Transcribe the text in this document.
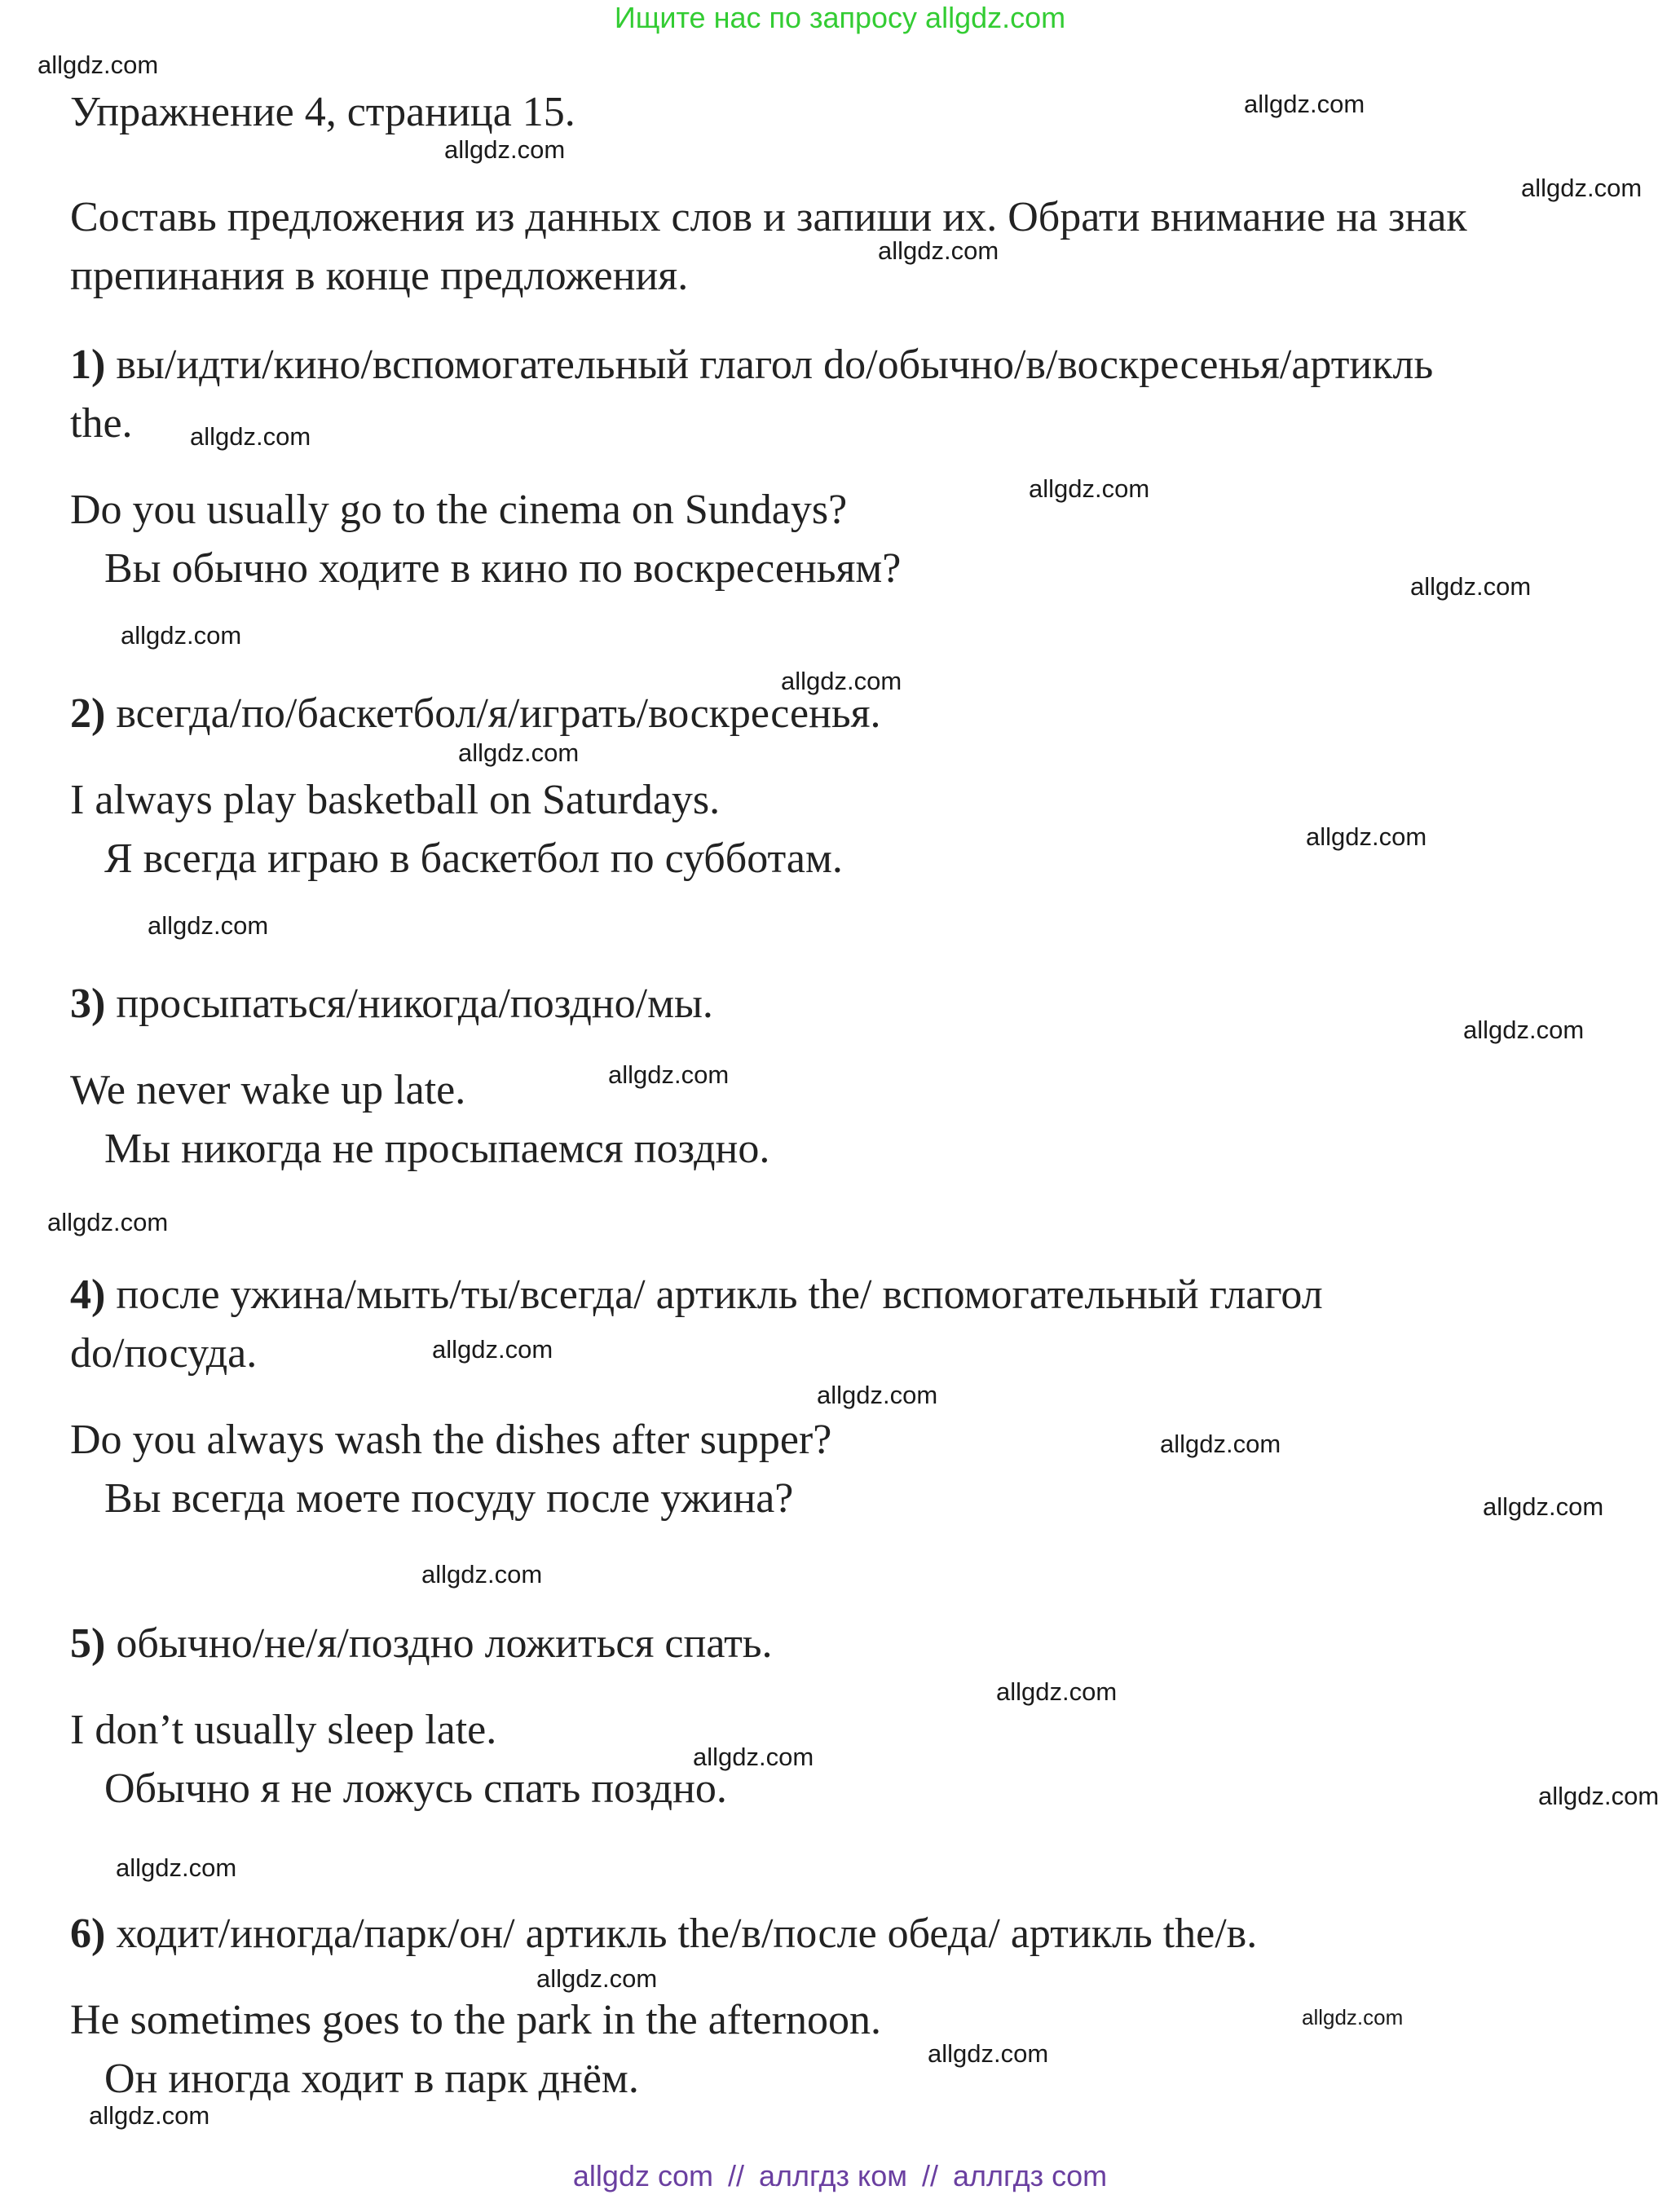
Ищите нас по запросу allgdz.com
Упражнение 4, страница 15.
Составь предложения из данных слов и запиши их. Обрати внимание на знак
препинания в конце предложения.
1) вы/идти/кино/вспомогательный глагол do/обычно/в/воскресенья/артикль
the.
Do you usually go to the cinema on Sundays?
Вы обычно ходите в кино по воскресеньям?
2) всегда/по/баскетбол/я/играть/воскресенья.
I always play basketball on Saturdays.
Я всегда играю в баскетбол по субботам.
3) просыпаться/никогда/поздно/мы.
We never wake up late.
Мы никогда не просыпаемся поздно.
4) после ужина/мыть/ты/всегда/ артикль the/ вспомогательный глагол
do/посуда.
Do you always wash the dishes after supper?
Вы всегда моете посуду после ужина?
5) обычно/не/я/поздно ложиться спать.
I don’t usually sleep late.
Обычно я не ложусь спать поздно.
6) ходит/иногда/парк/он/ артикль the/в/после обеда/ артикль the/в.
He sometimes goes to the park in the afternoon.
Он иногда ходит в парк днём.
allgdz.com
allgdz.com
allgdz.com
allgdz.com
allgdz.com
allgdz.com
allgdz.com
allgdz.com
allgdz.com
allgdz.com
allgdz.com
allgdz.com
allgdz.com
allgdz.com
allgdz.com
allgdz.com
allgdz.com
allgdz.com
allgdz.com
allgdz.com
allgdz.com
allgdz.com
allgdz.com
allgdz.com
allgdz.com
allgdz.com
allgdz.com
allgdz.com
allgdz.com
allgdz com // аллгдз ком // аллгдз com
